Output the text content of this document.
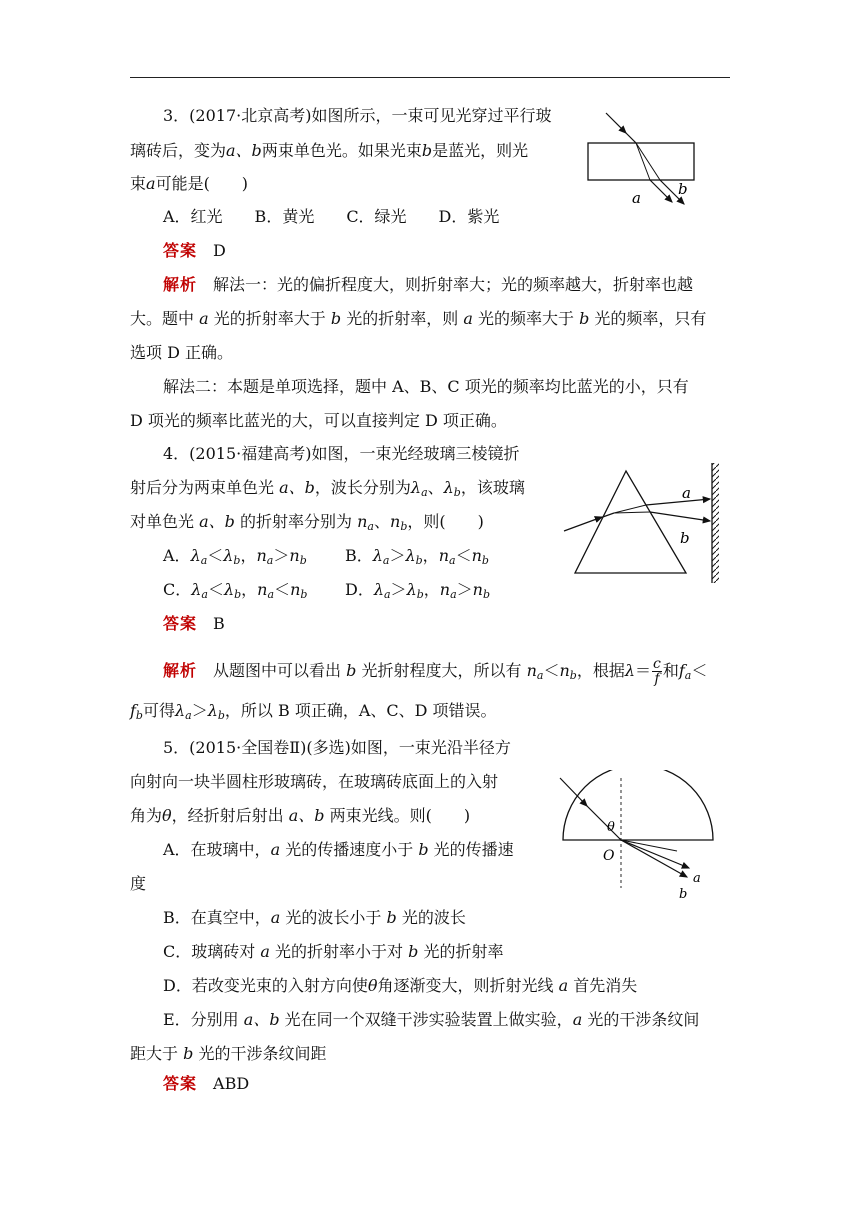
3．(2017·北京高考)如图所示，一束可见光穿过平行玻
璃砖后，变为a、b两束单色光。如果光束b是蓝光，则光
束a可能是(　　)
A．红光　　B．黄光　　C．绿光　　D．紫光
答案　 D
解析　 解法一：光的偏折程度大，则折射率大；光的频率越大，折射率也越
大。题中 a 光的折射率大于 b 光的折射率，则 a 光的频率大于 b 光的频率，只有
选项 D 正确。
解法二：本题是单项选择，题中 A、B、C 项光的频率均比蓝光的小，只有
D 项光的频率比蓝光的大，可以直接判定 D 项正确。
a b
4．(2015·福建高考)如图，一束光经玻璃三棱镜折
射后分为两束单色光 a、b，波长分别为$\lambda_a$、$\lambda_b$，该玻璃
对单色光 a、b 的折射率分别为 $n_a$、$n_b$，则(　　)
A．$\lambda_a<\lambda_b$，$n_a>n_b$ B．$\lambda_a>\lambda_b$，$n_a<n_b$
C．$\lambda_a<\lambda_b$，$n_a<n_b$ D．$\lambda_a>\lambda_b$，$n_a>n_b$
答案　 B
解析　 从题图中可以看出 b 光折射程度大，所以有 $n_a<n_b$，根据$\lambda= \frac{c}{f}$ 和$f_a<$
$f_b$可得$\lambda_a>\lambda_b$，所以 B 项正确，A、C、D 项错误。
a
b
5．(2015·全国卷Ⅱ)(多选)如图，一束光沿半径方
向射向一块半圆柱形玻璃砖，在玻璃砖底面上的入射
角为θ，经折射后射出 a、b 两束光线。则(　　)
A．在玻璃中，a 光的传播速度小于 b 光的传播速
度
B．在真空中，a 光的波长小于 b 光的波长
C．玻璃砖对 a 光的折射率小于对 b 光的折射率
D．若改变光束的入射方向使θ角逐渐变大，则折射光线 a 首先消失
E．分别用 a、b 光在同一个双缝干涉实验装置上做实验，a 光的干涉条纹间
距大于 b 光的干涉条纹间距
答案　 ABD
θ
O
a
b
